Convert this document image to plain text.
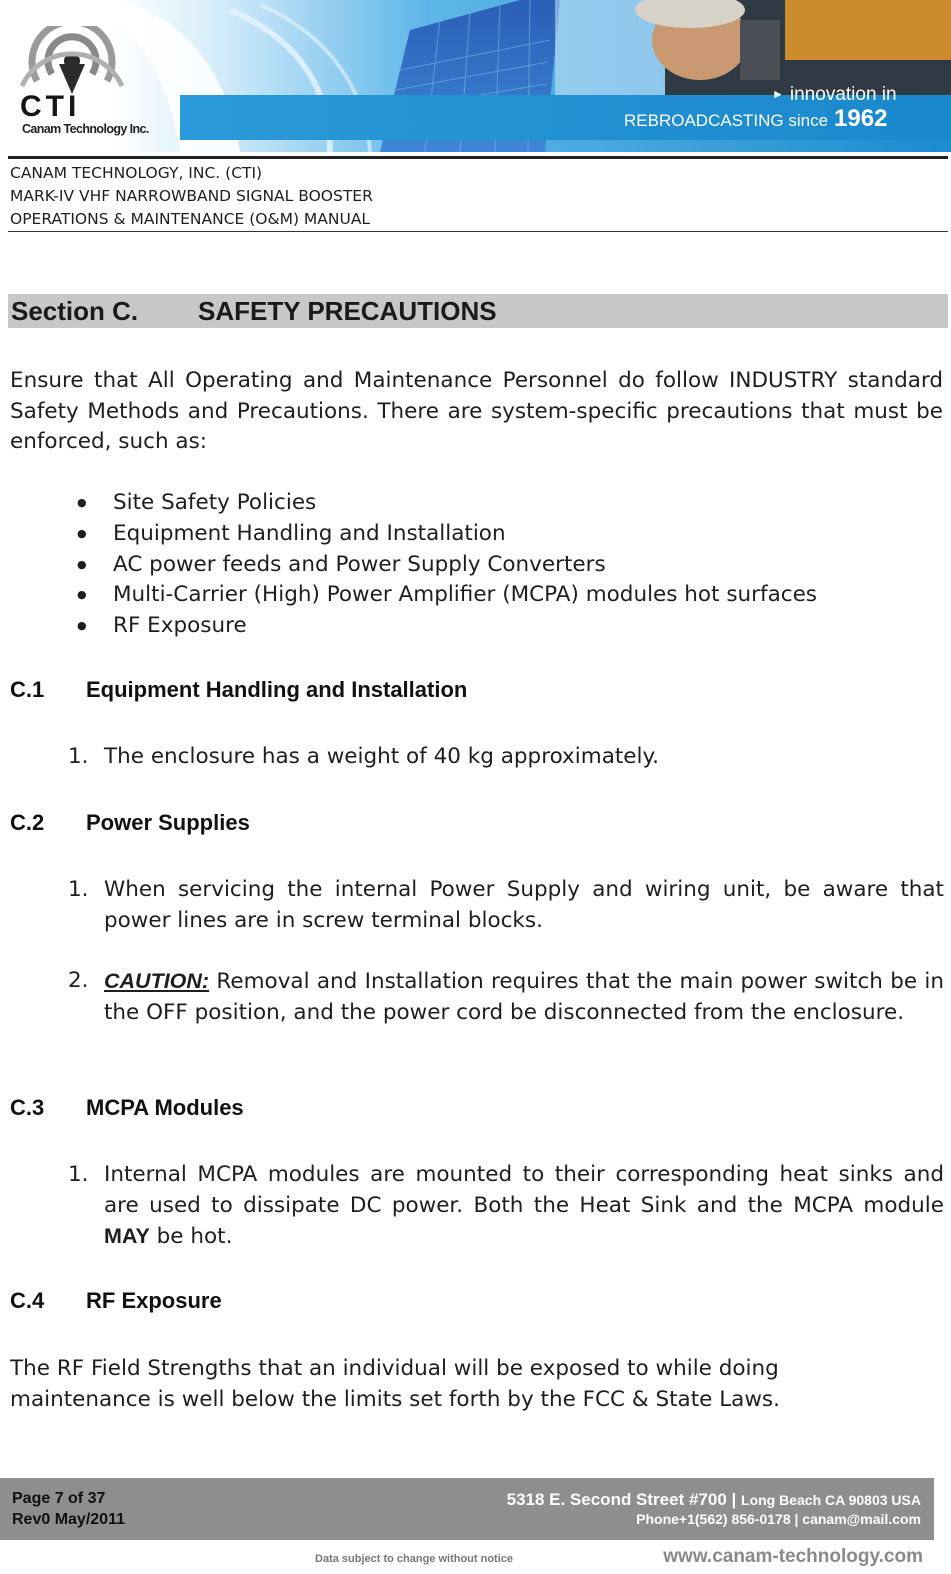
CTI
Canam Technology Inc.
► innovation in
REBROADCASTING since 1962
CANAM TECHNOLOGY, INC. (CTI)
MARK-IV VHF NARROWBAND SIGNAL BOOSTER
OPERATIONS & MAINTENANCE (O&M) MANUAL
Section C. SAFETY PRECAUTIONS
Ensure that All Operating and Maintenance Personnel do follow INDUSTRY standard Safety Methods and Precautions. There are system-specific precautions that must be enforced, such as:
● Site Safety Policies
● Equipment Handling and Installation
● AC power feeds and Power Supply Converters
● Multi-Carrier (High) Power Amplifier (MCPA) modules hot surfaces
● RF Exposure
C.1 Equipment Handling and Installation
1. The enclosure has a weight of 40 kg approximately.
C.2 Power Supplies
1. When servicing the internal Power Supply and wiring unit, be aware that power lines are in screw terminal blocks.
2. CAUTION: Removal and Installation requires that the main power switch be in the OFF position, and the power cord be disconnected from the enclosure.
C.3 MCPA Modules
1. Internal MCPA modules are mounted to their corresponding heat sinks and are used to dissipate DC power. Both the Heat Sink and the MCPA module MAY be hot.
C.4 RF Exposure
The RF Field Strengths that an individual will be exposed to while doing maintenance is well below the limits set forth by the FCC & State Laws.
Page 7 of 37
Rev0 May/2011
5318 E. Second Street #700 | Long Beach CA 90803 USA
Phone+1(562) 856-0178 | canam@mail.com
Data subject to change without notice	www.canam-technology.com
